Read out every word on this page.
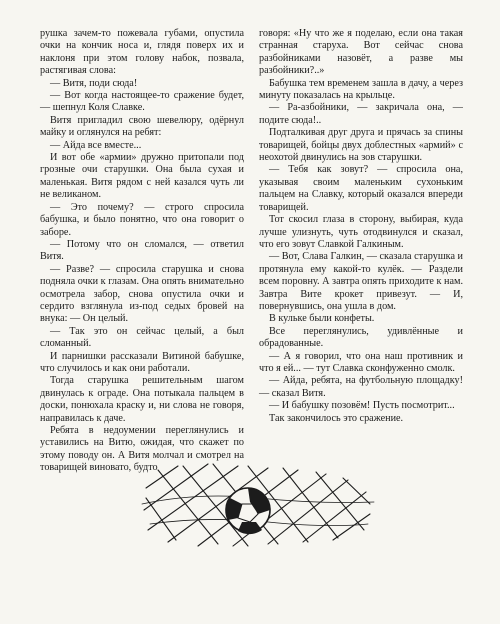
рушка зачем-то пожевала губами, опустила очки на кончик носа и, глядя поверх их и наклоня при этом голову набок, позвала, растягивая слова:

— Витя, поди сюда!

— Вот когда настоящее-то сражение будет, — шепнул Коля Славке.

Витя пригладил свою шевелюру, одёрнул майку и оглянулся на ребят:

— Айда все вместе...

И вот обе «армии» дружно притопали под грозные очи старушки. Она была сухая и маленькая. Витя рядом с ней казался чуть ли не великаном.

— Это почему? — строго спросила бабушка, и было понятно, что она говорит о заборе.

— Потому что он сломался, — ответил Витя.

— Разве? — спросила старушка и снова подняла очки к глазам. Она опять внимательно осмотрела забор, снова опустила очки и сердито взглянула из-под седых бровей на внука: — Он целый.

— Так это он сейчас целый, а был сломанный.

И парнишки рассказали Витиной бабушке, что случилось и как они работали.

Тогда старушка решительным шагом двинулась к ограде. Она потыкала пальцем в доски, понюхала краску и, ни слова не говоря, направилась к даче.

Ребята в недоумении переглянулись и уставились на Витю, ожидая, что скажет по этому поводу он. А Витя молчал и смотрел на товарищей виновато, будто

говоря: «Ну что же я поделаю, если она такая странная старуха. Вот сейчас снова разбойниками назовёт, а разве мы разбойники?..»

Бабушка тем временем зашла в дачу, а через минуту показалась на крыльце.

— Ра-азбойники, — закричала она, — подите сюда!..

Подталкивая друг друга и прячась за спины товарищей, бойцы двух доблестных «армий» с неохотой двинулись на зов старушки.

— Тебя как зовут? — спросила она, указывая своим маленьким сухоньким пальцем на Славку, который оказался впереди товарищей.

Тот скосил глаза в сторону, выбирая, куда лучше улизнуть, чуть отодвинулся и сказал, что его зовут Славкой Галкиным.

— Вот, Слава Галкин, — сказала старушка и протянула ему какой-то кулёк. — Раздели всем поровну. А завтра опять приходите к нам. Завтра Вите крокет привезут. — И, повернувшись, она ушла в дом.

В кульке были конфеты.

Все переглянулись, удивлённые и обрадованные.

— А я говорил, что она наш противник и что я ей... — тут Славка сконфуженно смолк.

— Айда, ребята, на футбольную площадку! — сказал Витя.

— И бабушку позовём! Пусть посмотрит...

Так закончилось это сражение.
